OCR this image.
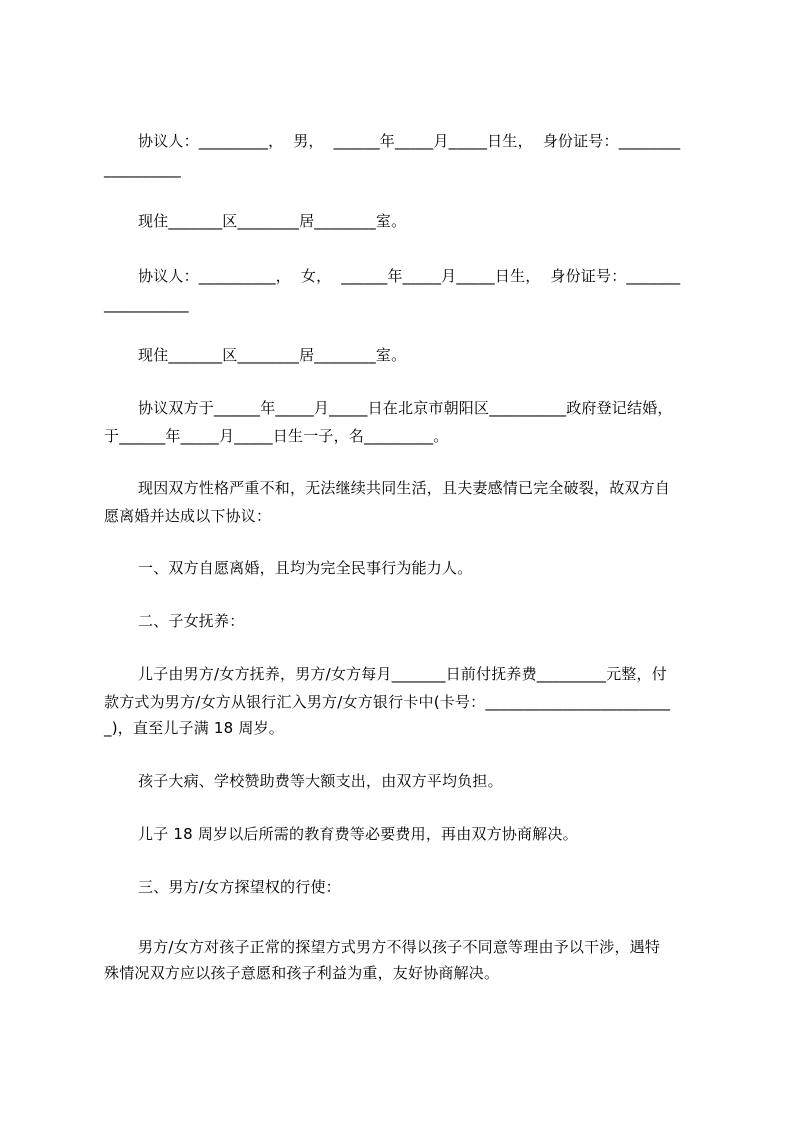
协议人：_________，  男，  ______年_____月_____日生，  身份证号：________
__________
现住_______区________居________室。
协议人：__________，  女，  ______年_____月_____日生，  身份证号：_______
___________
现住_______区________居________室。
协议双方于______年_____月_____日在北京市朝阳区__________政府登记结婚，
于______年_____月_____日生一子，名_________。
现因双方性格严重不和，无法继续共同生活，且夫妻感情已完全破裂，故双方自
愿离婚并达成以下协议：
一、双方自愿离婚，且均为完全民事行为能力人。
二、子女抚养：
儿子由男方/女方抚养，男方/女方每月_______日前付抚养费_________元整，付
款方式为男方/女方从银行汇入男方/女方银行卡中(卡号：________________________
_)，直至儿子满 18 周岁。
孩子大病、学校赞助费等大额支出，由双方平均负担。
儿子 18 周岁以后所需的教育费等必要费用，再由双方协商解决。
三、男方/女方探望权的行使：
男方/女方对孩子正常的探望方式男方不得以孩子不同意等理由予以干涉，遇特
殊情况双方应以孩子意愿和孩子利益为重，友好协商解决。
